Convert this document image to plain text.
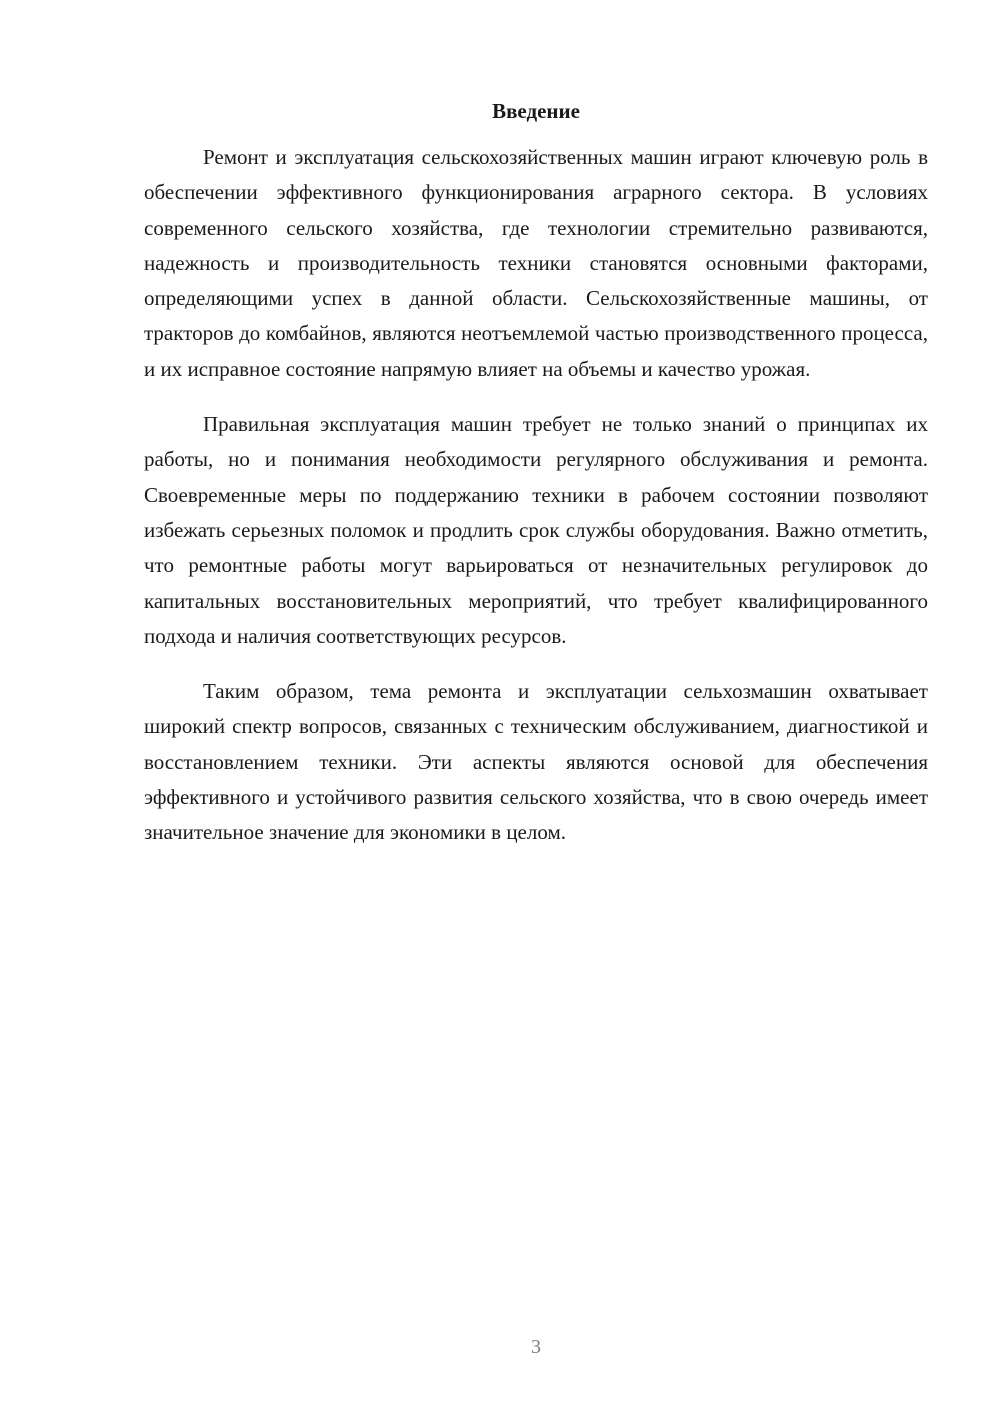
Введение

Ремонт и эксплуатация сельскохозяйственных машин играют ключевую роль в обеспечении эффективного функционирования аграрного сектора. В условиях современного сельского хозяйства, где технологии стремительно развиваются, надежность и производительность техники становятся основными факторами, определяющими успех в данной области. Сельскохозяйственные машины, от тракторов до комбайнов, являются неотъемлемой частью производственного процесса, и их исправное состояние напрямую влияет на объемы и качество урожая.

Правильная эксплуатация машин требует не только знаний о принципах их работы, но и понимания необходимости регулярного обслуживания и ремонта. Своевременные меры по поддержанию техники в рабочем состоянии позволяют избежать серьезных поломок и продлить срок службы оборудования. Важно отметить, что ремонтные работы могут варьироваться от незначительных регулировок до капитальных восстановительных мероприятий, что требует квалифицированного подхода и наличия соответствующих ресурсов.

Таким образом, тема ремонта и эксплуатации сельхозмашин охватывает широкий спектр вопросов, связанных с техническим обслуживанием, диагностикой и восстановлением техники. Эти аспекты являются основой для обеспечения эффективного и устойчивого развития сельского хозяйства, что в свою очередь имеет значительное значение для экономики в целом.

3
